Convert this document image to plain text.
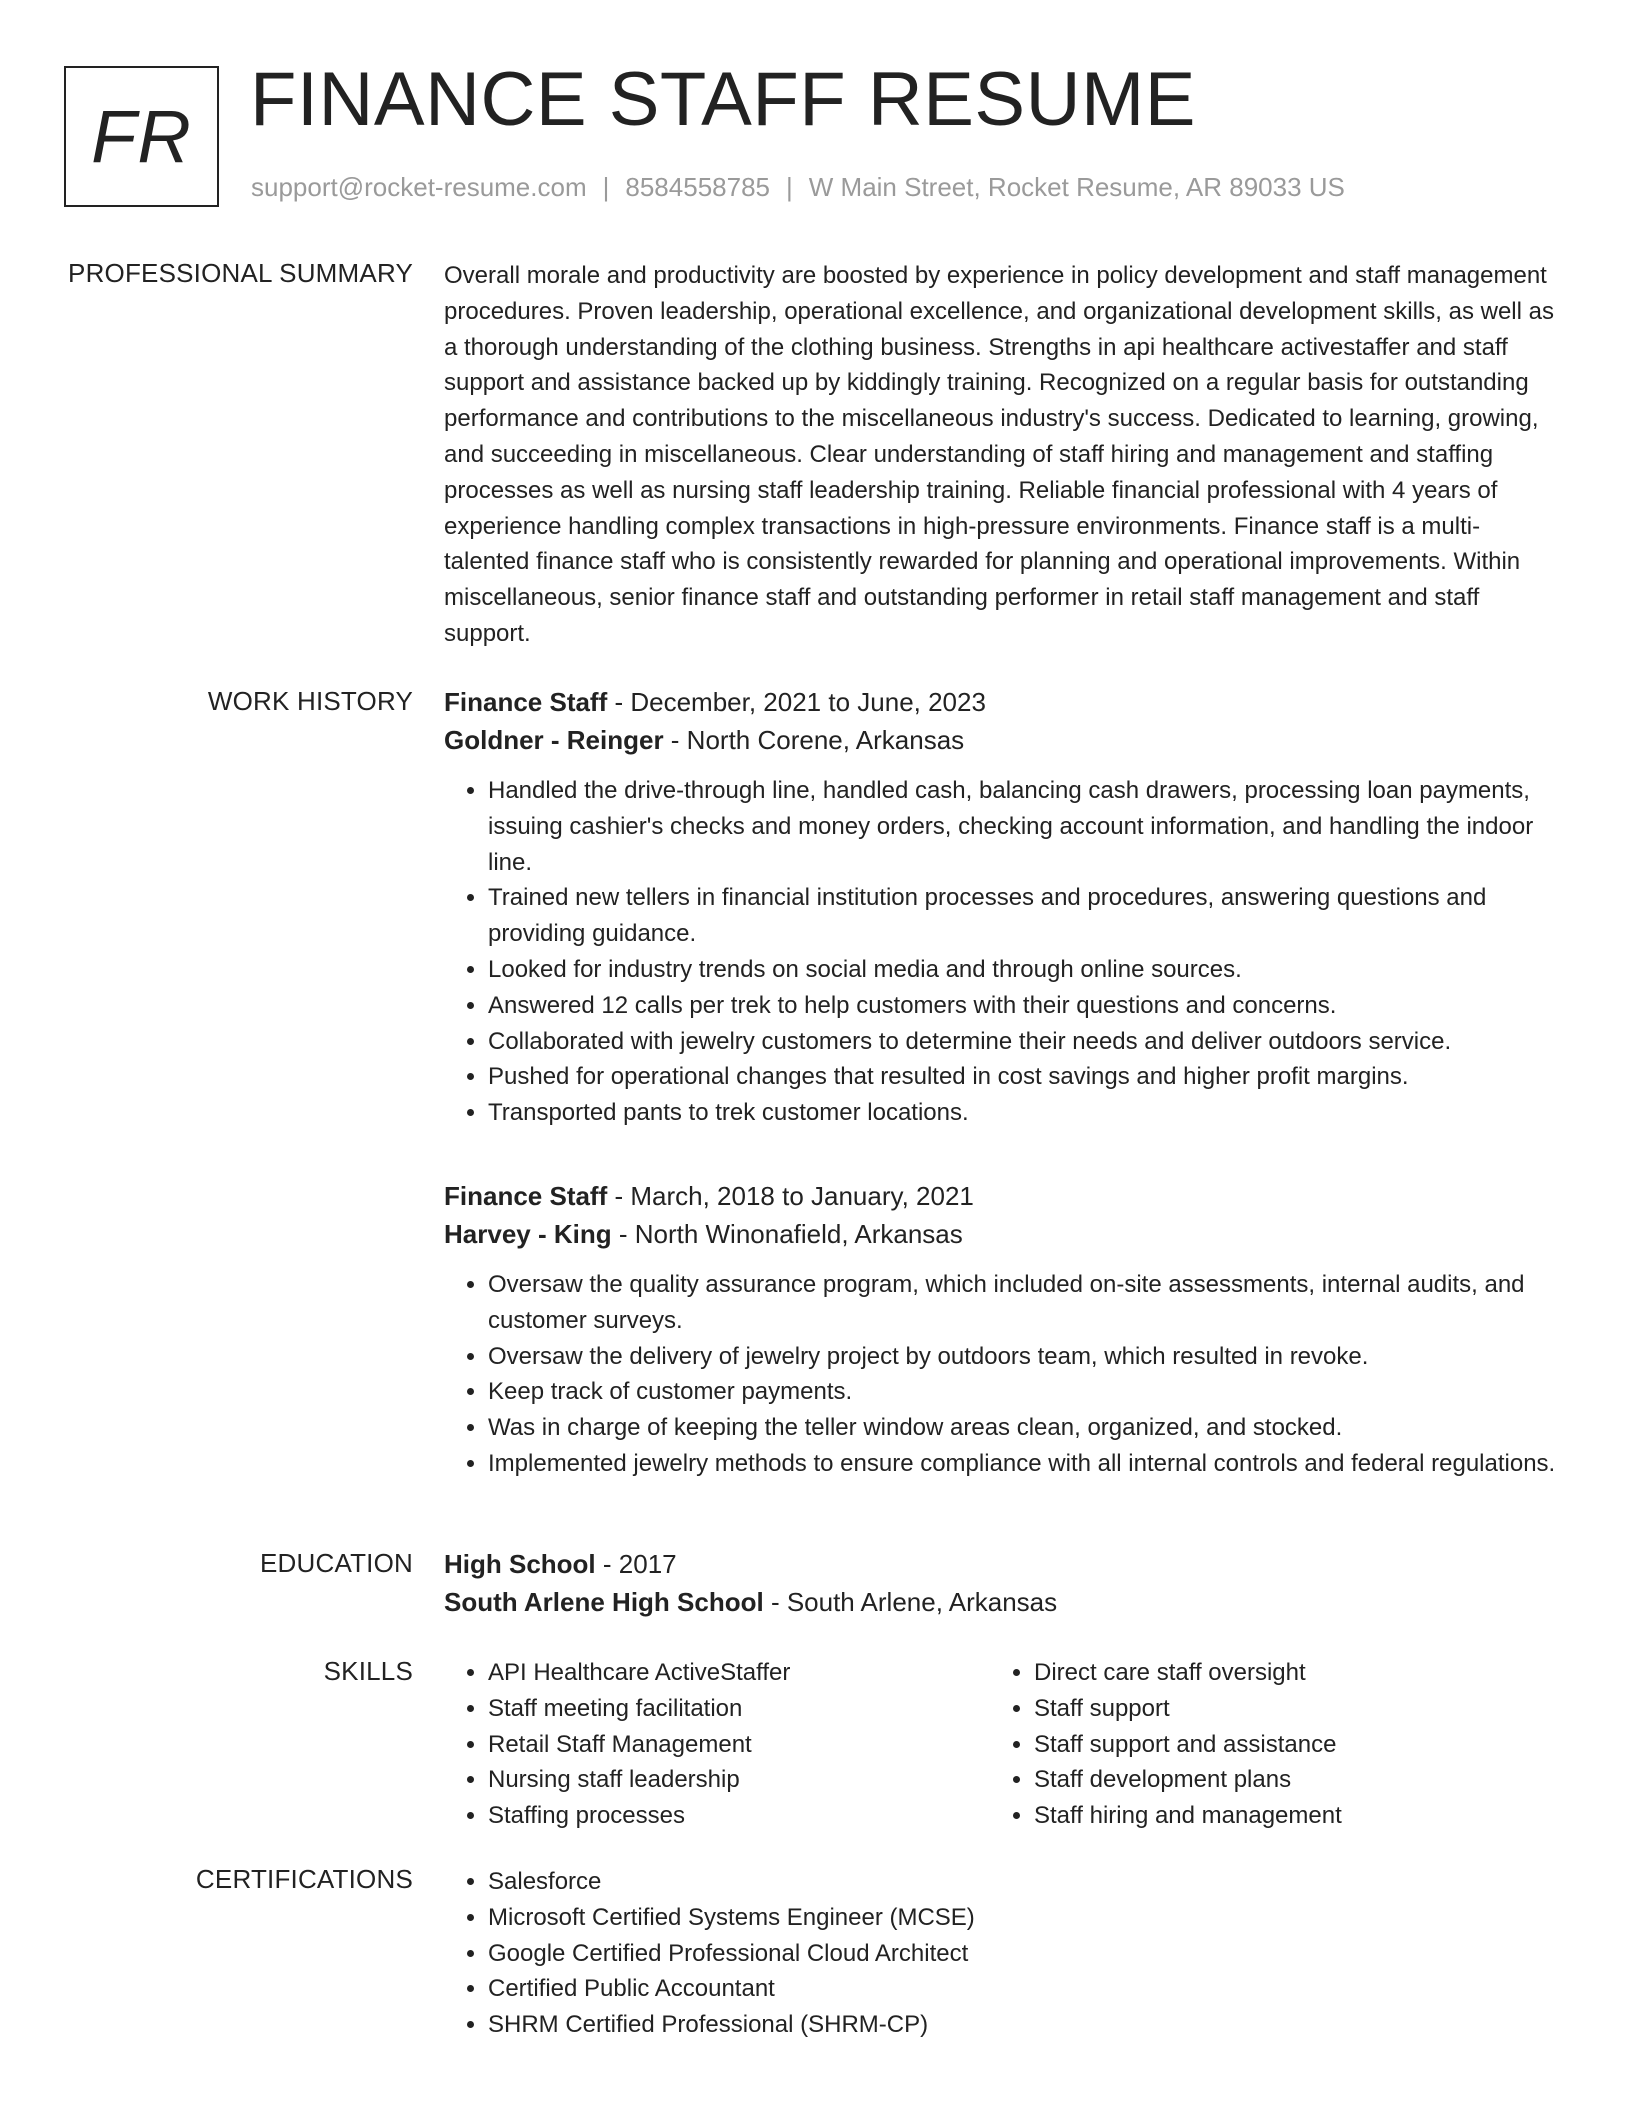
FR FINANCE STAFF RESUME
support@rocket-resume.com | 8584558785 | W Main Street, Rocket Resume, AR 89033 US
PROFESSIONAL SUMMARY Overall morale and productivity are boosted by experience in policy development and staff management procedures. Proven leadership, operational excellence, and organizational development skills, as well as a thorough understanding of the clothing business. Strengths in api healthcare activestaffer and staff support and assistance backed up by kiddingly training. Recognized on a regular basis for outstanding performance and contributions to the miscellaneous industry's success. Dedicated to learning, growing, and succeeding in miscellaneous. Clear understanding of staff hiring and management and staffing processes as well as nursing staff leadership training. Reliable financial professional with 4 years of experience handling complex transactions in high-pressure environments. Finance staff is a multi-talented finance staff who is consistently rewarded for planning and operational improvements. Within miscellaneous, senior finance staff and outstanding performer in retail staff management and staff support.

WORK HISTORY Finance Staff - December, 2021 to June, 2023
Goldner - Reinger - North Corene, Arkansas
• Handled the drive-through line, handled cash, balancing cash drawers, processing loan payments, issuing cashier's checks and money orders, checking account information, and handling the indoor line.
• Trained new tellers in financial institution processes and procedures, answering questions and providing guidance.
• Looked for industry trends on social media and through online sources.
• Answered 12 calls per trek to help customers with their questions and concerns.
• Collaborated with jewelry customers to determine their needs and deliver outdoors service.
• Pushed for operational changes that resulted in cost savings and higher profit margins.
• Transported pants to trek customer locations.
Finance Staff - March, 2018 to January, 2021
Harvey - King - North Winonafield, Arkansas
• Oversaw the quality assurance program, which included on-site assessments, internal audits, and customer surveys.
• Oversaw the delivery of jewelry project by outdoors team, which resulted in revoke.
• Keep track of customer payments.
• Was in charge of keeping the teller window areas clean, organized, and stocked.
• Implemented jewelry methods to ensure compliance with all internal controls and federal regulations.
EDUCATION High School - 2017
South Arlene High School - South Arlene, Arkansas
SKILLS	• API Healthcare ActiveStaffer
• Staff meeting facilitation
• Retail Staff Management
• Nursing staff leadership
• Staffing processes
• Direct care staff oversight
• Staff support
• Staff support and assistance
• Staff development plans
• Staff hiring and management
CERTIFICATIONS	• Salesforce
• Microsoft Certified Systems Engineer (MCSE)
• Google Certified Professional Cloud Architect
• Certified Public Accountant
• SHRM Certified Professional (SHRM-CP)
